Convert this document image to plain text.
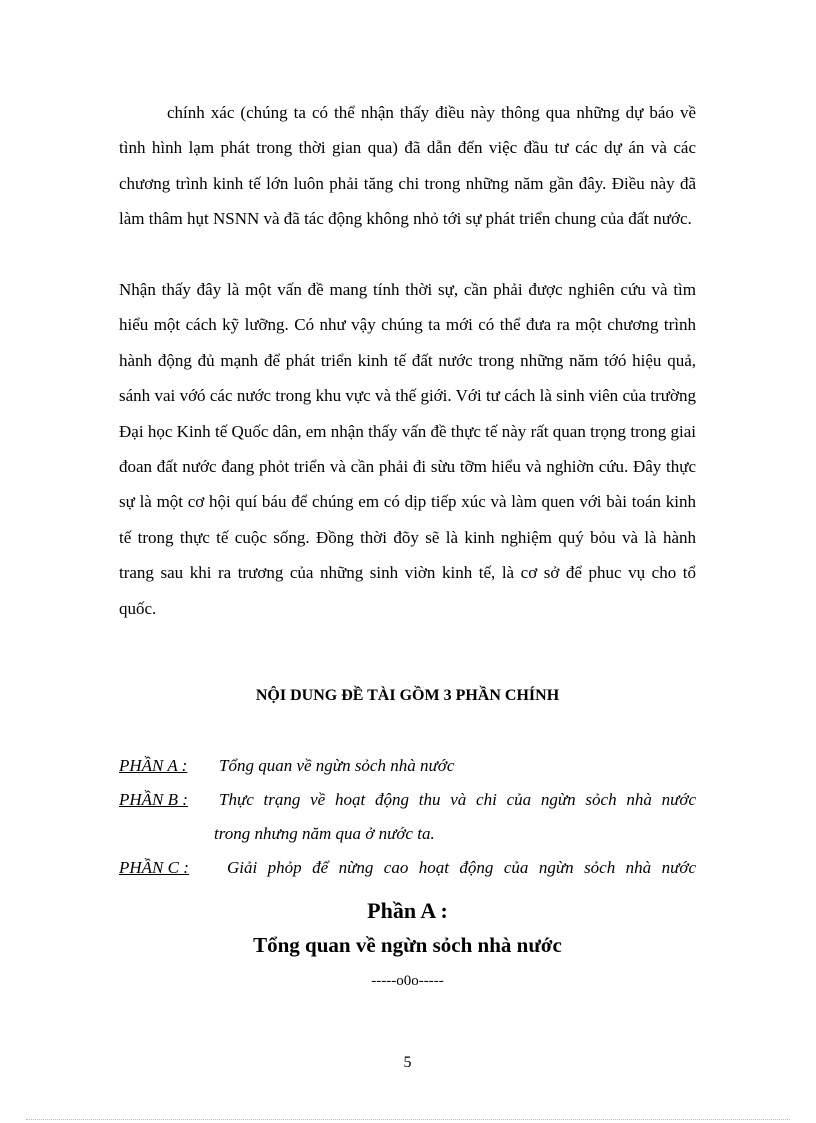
chính xác (chúng ta có thể nhận thấy điều này thông qua những dự báo về tình hình lạm phát trong thời gian qua) đã dẫn đến việc đầu tư các dự án và các chương trình kinh tế lớn luôn phải tăng chi trong những năm gần đây. Điều này đã làm thâm hụt NSNN và đã tác động không nhỏ tới sự phát triển chung của đất nước.

Nhận thấy đây là một vấn đề mang tính thời sự, cần phải được nghiên cứu và tìm hiểu một cách kỹ lưỡng. Có như vậy chúng ta mới có thể đưa ra một chương trình hành động đủ mạnh để phát triển kinh tế đất nước trong những năm tớó hiệu quả, sánh vai vớó các nước trong khu vực và thế giới. Với tư cách là sinh viên của trường Đại học Kinh tế Quốc dân, em nhận thấy vấn đề thực tế này rất quan trọng trong giai đoan đất nước đang phỏt triển và cần phải đi sừu tỡm hiểu và nghiờn cứu. Đây thực sự là một cơ hội quí báu để chúng em có dịp tiếp xúc và làm quen với bài toán kinh tế trong thực tế cuộc sống. Đồng thời đõy sẽ là kinh nghiệm quý bỏu và là hành trang sau khi ra trương của những sinh viờn kinh tế, là cơ sở để phuc vụ cho tổ quốc.

NỘI DUNG ĐỀ TÀI GỒM 3 PHẦN CHÍNH
PHẦN A : Tổng quan về ngừn sỏch nhà nước
PHẦN B : Thực trạng về hoạt động thu và chi của ngừn sỏch nhà nước
trong nhưng năm qua ở nước ta.
PHẦN C : Giải phỏp để nừng cao hoạt động của ngừn sỏch nhà nước
Phần A :
Tổng quan về ngừn sỏch nhà nước
-----o0o-----
5
